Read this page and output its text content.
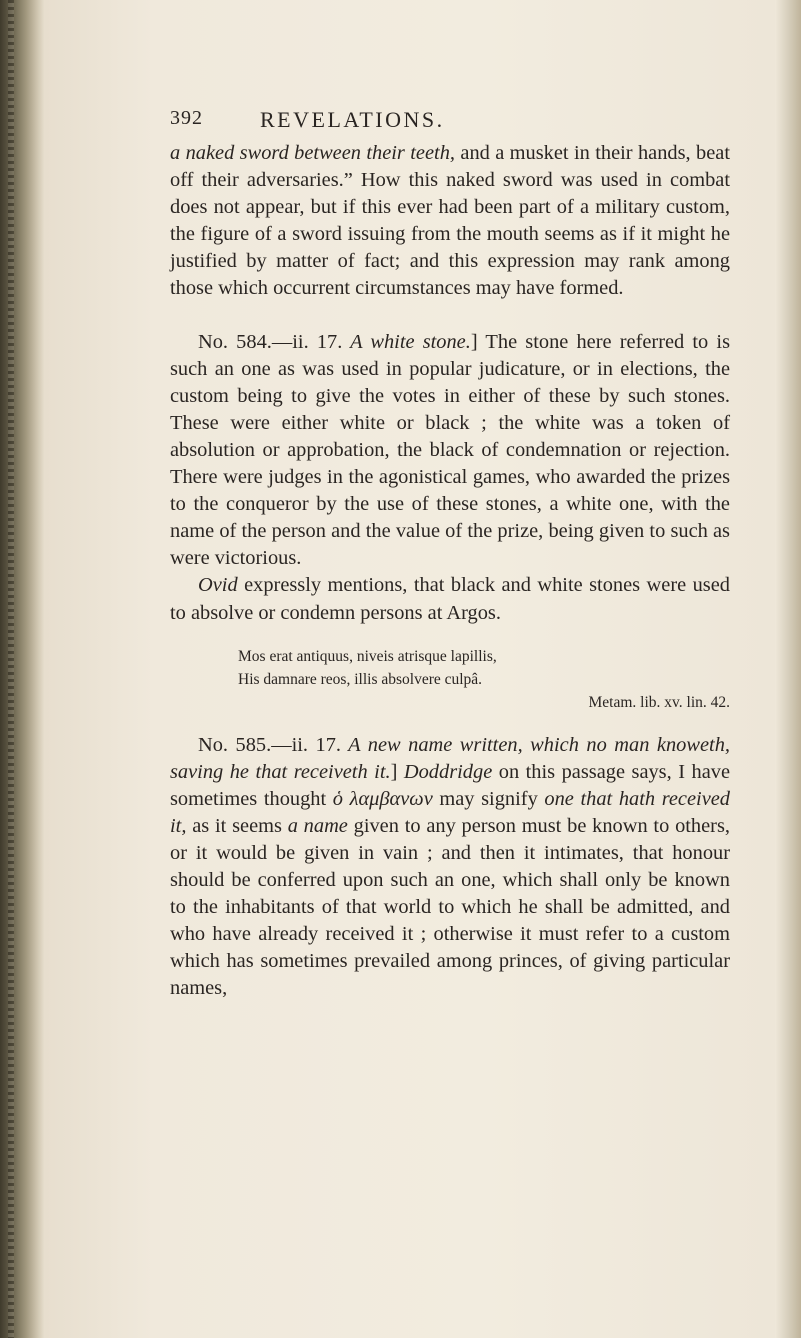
392	REVELATIONS.

a naked sword between their teeth, and a musket in their hands, beat off their adversaries.” How this naked sword was used in combat does not appear, but if this ever had been part of a military custom, the figure of a sword issuing from the mouth seems as if it might he justified by matter of fact; and this expression may rank among those which occurrent circumstances may have formed.

No. 584.—ii. 17. A white stone.] The stone here referred to is such an one as was used in popular judicature, or in elections, the custom being to give the votes in either of these by such stones. These were either white or black ; the white was a token of absolution or approbation, the black of condemnation or rejection. There were judges in the agonistical games, who awarded the prizes to the conqueror by the use of these stones, a white one, with the name of the person and the value of the prize, being given to such as were victorious.

Ovid expressly mentions, that black and white stones were used to absolve or condemn persons at Argos.

Mos erat antiquus, niveis atrisque lapillis,
His damnare reos, illis absolvere culpâ.
Metam. lib. xv. lin. 42.

No. 585.—ii. 17. A new name written, which no man knoweth, saving he that receiveth it.] Doddridge on this passage says, I have sometimes thought ὁ λαμβανων may signify one that hath received it, as it seems a name given to any person must be known to others, or it would be given in vain ; and then it intimates, that honour should be conferred upon such an one, which shall only be known to the inhabitants of that world to which he shall be admitted, and who have already received it ; otherwise it must refer to a custom which has sometimes prevailed among princes, of giving particular names,
